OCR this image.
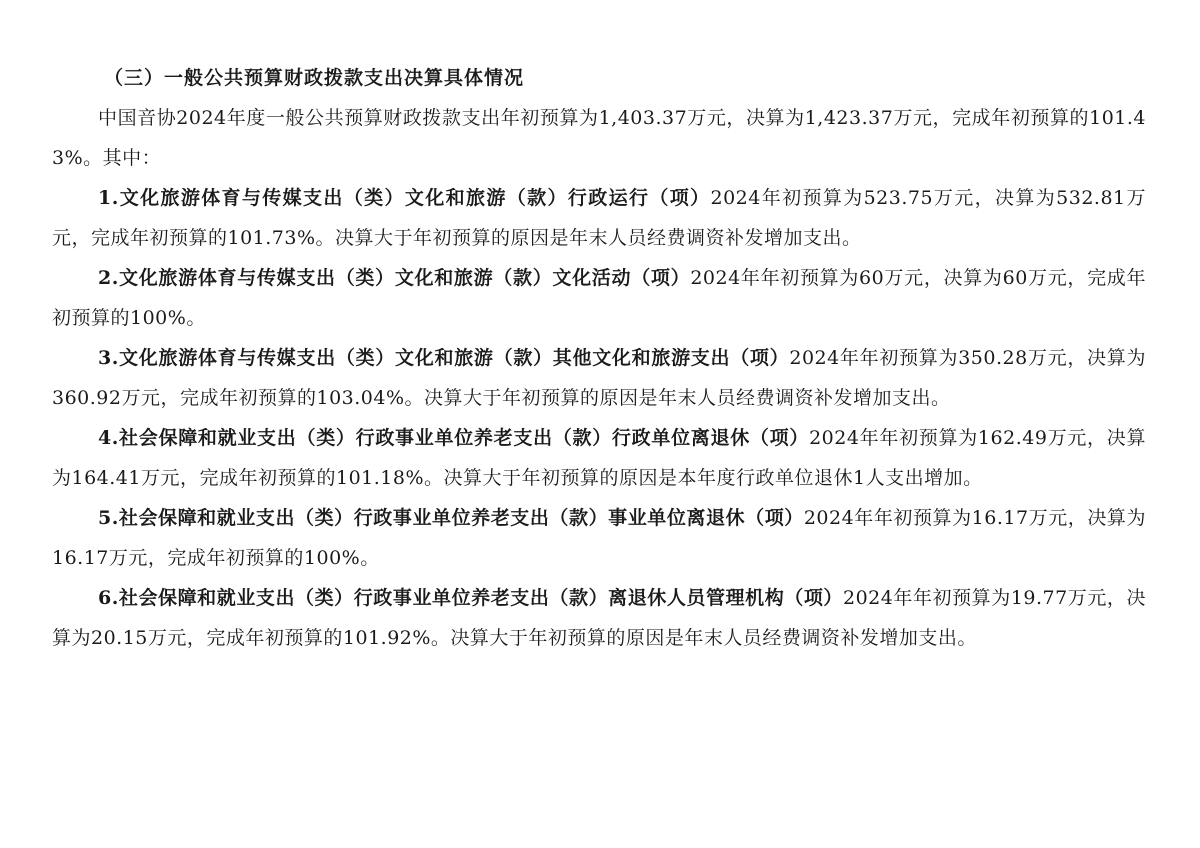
（三）一般公共预算财政拨款支出决算具体情况

中国音协2024年度一般公共预算财政拨款支出年初预算为1,403.37万元，决算为1,423.37万元，完成年初预算的101.43%。其中：

1.文化旅游体育与传媒支出（类）文化和旅游（款）行政运行（项）2024年初预算为523.75万元，决算为532.81万元，完成年初预算的101.73%。决算大于年初预算的原因是年末人员经费调资补发增加支出。

2.文化旅游体育与传媒支出（类）文化和旅游（款）文化活动（项）2024年年初预算为60万元，决算为60万元，完成年初预算的100%。

3.文化旅游体育与传媒支出（类）文化和旅游（款）其他文化和旅游支出（项）2024年年初预算为350.28万元，决算为360.92万元，完成年初预算的103.04%。决算大于年初预算的原因是年末人员经费调资补发增加支出。

4.社会保障和就业支出（类）行政事业单位养老支出（款）行政单位离退休（项）2024年年初预算为162.49万元，决算为164.41万元，完成年初预算的101.18%。决算大于年初预算的原因是本年度行政单位退休1人支出增加。

5.社会保障和就业支出（类）行政事业单位养老支出（款）事业单位离退休（项）2024年年初预算为16.17万元，决算为16.17万元，完成年初预算的100%。

6.社会保障和就业支出（类）行政事业单位养老支出（款）离退休人员管理机构（项）2024年年初预算为19.77万元，决算为20.15万元，完成年初预算的101.92%。决算大于年初预算的原因是年末人员经费调资补发增加支出。
